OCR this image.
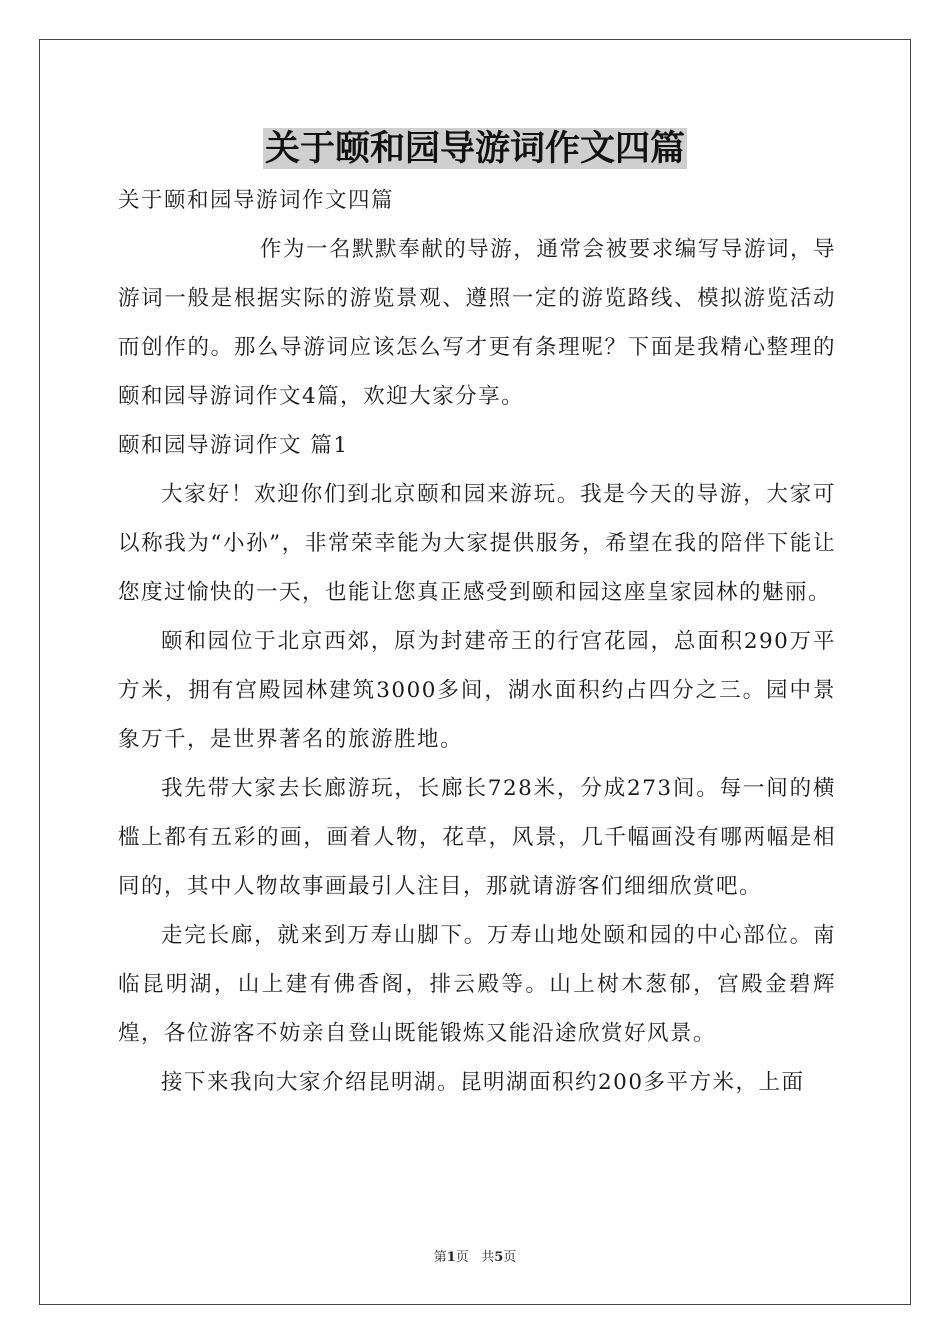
关于颐和园导游词作文四篇

关于颐和园导游词作文四篇

作为一名默默奉献的导游，通常会被要求编写导游词，导游词一般是根据实际的游览景观、遵照一定的游览路线、模拟游览活动而创作的。那么导游词应该怎么写才更有条理呢？下面是我精心整理的颐和园导游词作文4篇，欢迎大家分享。

颐和园导游词作文 篇1

大家好！欢迎你们到北京颐和园来游玩。我是今天的导游，大家可以称我为“小孙”，非常荣幸能为大家提供服务，希望在我的陪伴下能让您度过愉快的一天，也能让您真正感受到颐和园这座皇家园林的魅丽。

颐和园位于北京西郊，原为封建帝王的行宫花园，总面积290万平方米，拥有宫殿园林建筑3000多间，湖水面积约占四分之三。园中景象万千，是世界著名的旅游胜地。

我先带大家去长廊游玩，长廊长728米，分成273间。每一间的横槛上都有五彩的画，画着人物，花草，风景，几千幅画没有哪两幅是相同的，其中人物故事画最引人注目，那就请游客们细细欣赏吧。

走完长廊，就来到万寿山脚下。万寿山地处颐和园的中心部位。南临昆明湖，山上建有佛香阁，排云殿等。山上树木葱郁，宫殿金碧辉煌，各位游客不妨亲自登山既能锻炼又能沿途欣赏好风景。

接下来我向大家介绍昆明湖。昆明湖面积约200多平方米，上面

第1页   共5页
